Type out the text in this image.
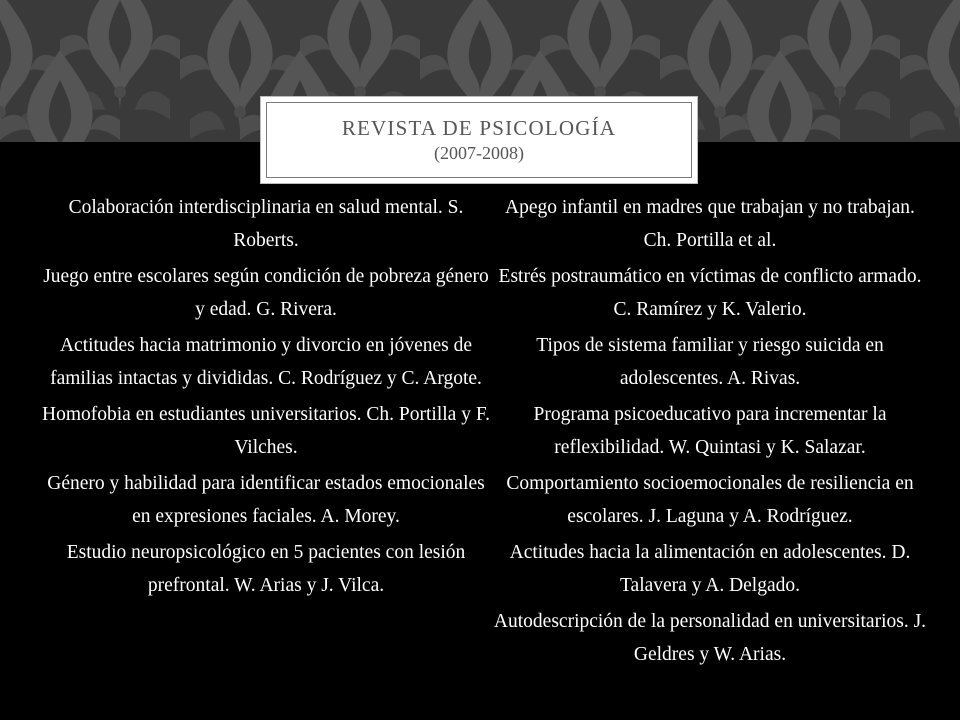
REVISTA DE PSICOLOGÍA
(2007-2008)

Colaboración interdisciplinaria en salud mental. S. Roberts.

Juego entre escolares según condición de pobreza género y edad. G. Rivera.

Actitudes hacia matrimonio y divorcio en jóvenes de familias intactas y divididas. C. Rodríguez y C. Argote.

Homofobia en estudiantes universitarios. Ch. Portilla y F. Vilches.

Género y habilidad para identificar estados emocionales en expresiones faciales. A. Morey.

Estudio neuropsicológico en 5 pacientes con lesión prefrontal. W. Arias y J. Vilca.

Apego infantil en madres que trabajan y no trabajan. Ch. Portilla et al.

Estrés postraumático en víctimas de conflicto armado. C. Ramírez y K. Valerio.

Tipos de sistema familiar y riesgo suicida en adolescentes. A. Rivas.

Programa psicoeducativo para incrementar la reflexibilidad. W. Quintasi y K. Salazar.

Comportamiento socioemocionales de resiliencia en escolares. J. Laguna y A. Rodríguez.

Actitudes hacia la alimentación en adolescentes. D. Talavera y A. Delgado.

Autodescripción de la personalidad en universitarios. J. Geldres y W. Arias.
